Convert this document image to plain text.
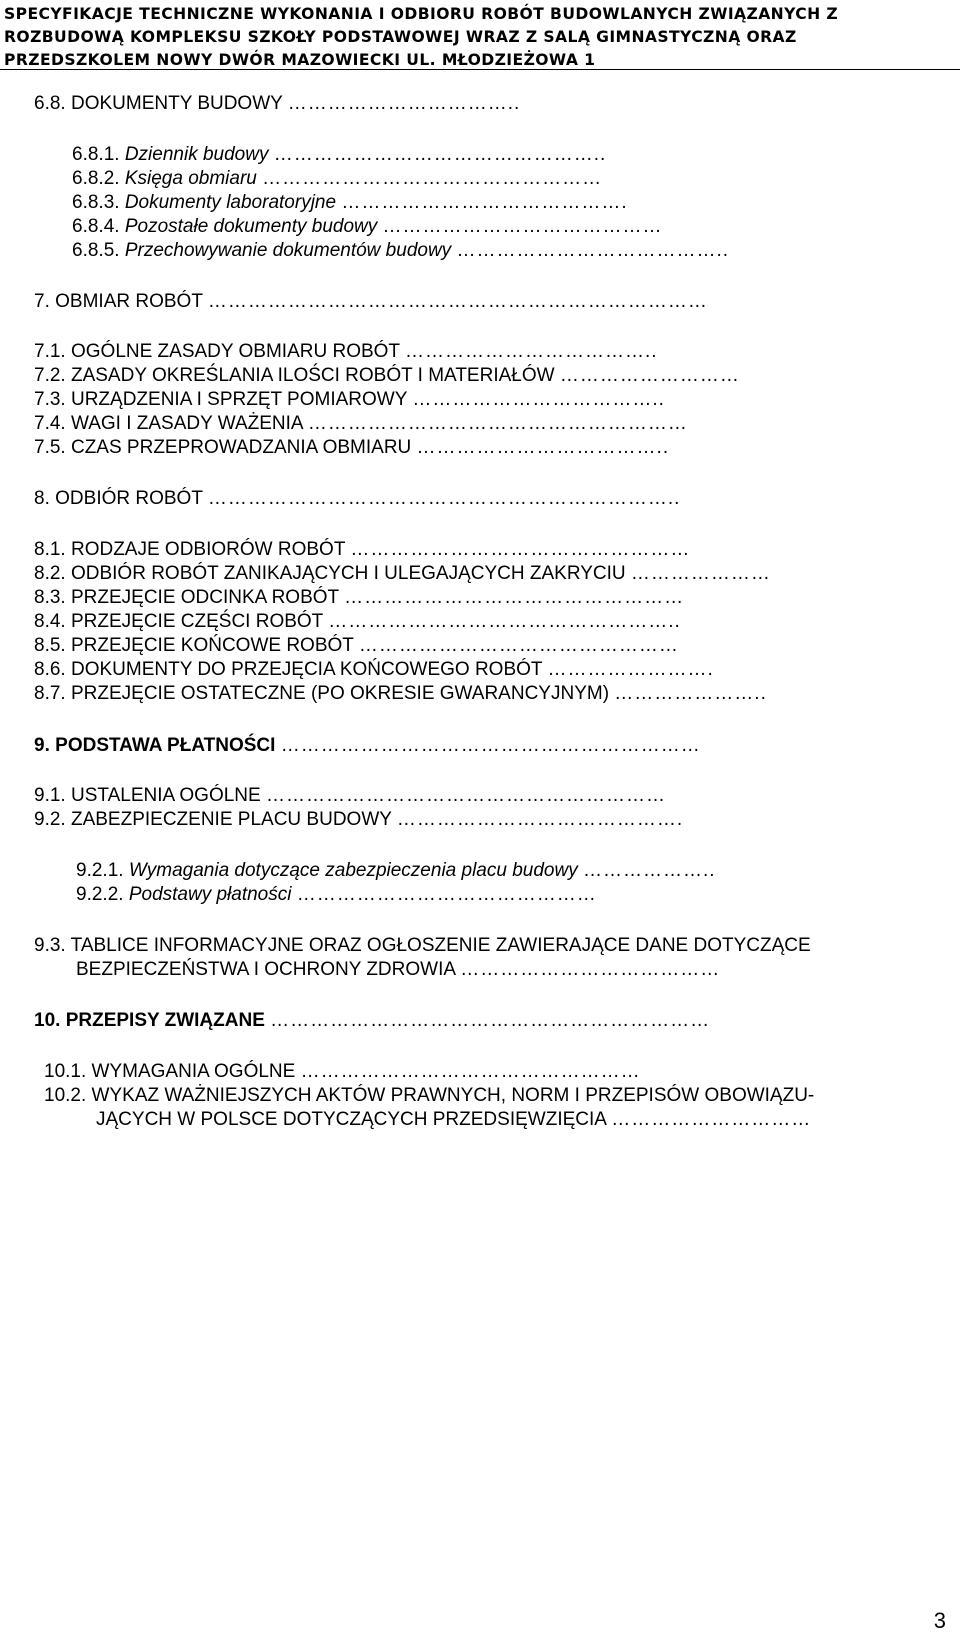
SPECYFIKACJE TECHNICZNE WYKONANIA I ODBIORU ROBÓT BUDOWLANYCH ZWIĄZANYCH Z
ROZBUDOWĄ KOMPLEKSU SZKOŁY PODSTAWOWEJ WRAZ Z SALĄ GIMNASTYCZNĄ ORAZ
PRZEDSZKOLEM NOWY DWÓR MAZOWIECKI UL. MŁODZIEŻOWA 1
6.8. DOKUMENTY BUDOWY ……………………………..
6.8.1. Dziennik budowy …………………………………………..
6.8.2. Księga obmiaru ……………………………………………
6.8.3. Dokumenty laboratoryjne …………………………………….
6.8.4. Pozostałe dokumenty budowy ……………………………………
6.8.5. Przechowywanie dokumentów budowy …………………………………..
7. OBMIAR ROBÓT …………………………………………………………………
7.1. OGÓLNE ZASADY OBMIARU ROBÓT ………………………………..
7.2. ZASADY OKREŚLANIA ILOŚCI ROBÓT I MATERIAŁÓW ………………………
7.3. URZĄDZENIA I SPRZĘT POMIAROWY ………………………………..
7.4. WAGI I ZASADY WAŻENIA …………………………………………………
7.5. CZAS PRZEPROWADZANIA OBMIARU ………………………………..
8. ODBIÓR ROBÓT ……………………………………………………………..
8.1. RODZAJE ODBIORÓW ROBÓT ……………………………………………
8.2. ODBIÓR ROBÓT ZANIKAJĄCYCH I ULEGAJĄCYCH ZAKRYCIU …………………
8.3. PRZEJĘCIE ODCINKA ROBÓT ……………………………………………
8.4. PRZEJĘCIE CZĘŚCI ROBÓT ……………………………………………..
8.5. PRZEJĘCIE KOŃCOWE ROBÓT …………………………………………
8.6. DOKUMENTY DO PRZEJĘCIA KOŃCOWEGO ROBÓT …………………….
8.7. PRZEJĘCIE OSTATECZNE (PO OKRESIE GWARANCYJNYM) …………………..
9. PODSTAWA PŁATNOŚCI ………………………………………………………
9.1. USTALENIA OGÓLNE ……………………………………………………
9.2. ZABEZPIECZENIE PLACU BUDOWY …………………………………….
9.2.1. Wymagania dotyczące zabezpieczenia placu budowy ………………..
9.2.2. Podstawy płatności ………………………………………
9.3. TABLICE INFORMACYJNE ORAZ OGŁOSZENIE ZAWIERAJĄCE DANE DOTYCZĄCE
BEZPIECZEŃSTWA I OCHRONY ZDROWIA …………………………………
10. PRZEPISY ZWIĄZANE …………………………………………………………
10.1. WYMAGANIA OGÓLNE ……………………………………………
10.2. WYKAZ WAŻNIEJSZYCH AKTÓW PRAWNYCH, NORM I PRZEPISÓW OBOWIĄZU-
JĄCYCH W POLSCE DOTYCZĄCYCH PRZEDSIĘWZIĘCIA …………………………
3
